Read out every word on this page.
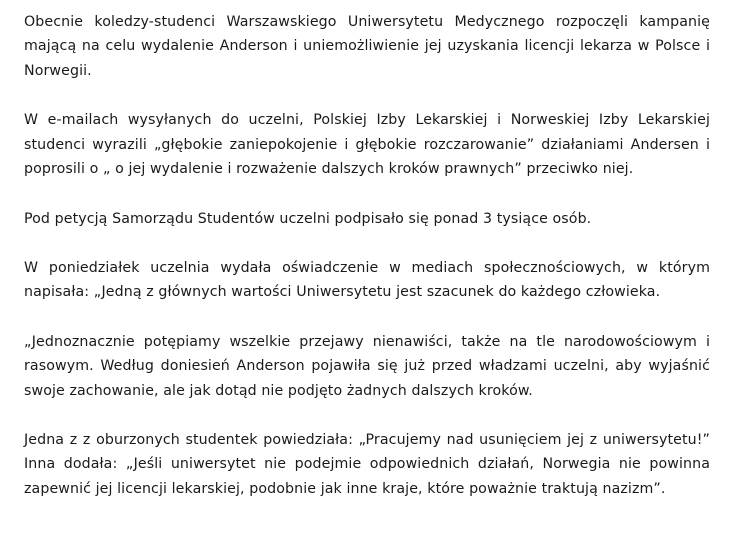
Obecnie koledzy-studenci Warszawskiego Uniwersytetu Medycznego rozpoczęli kampanię mającą na celu wydalenie Anderson i uniemożliwienie jej uzyskania licencji lekarza w Polsce i Norwegii.

W e-mailach wysyłanych do uczelni, Polskiej Izby Lekarskiej i Norweskiej Izby Lekarskiej studenci wyrazili „głębokie zaniepokojenie i głębokie rozczarowanie” działaniami Andersen i poprosili o „ o jej wydalenie i rozważenie dalszych kroków prawnych” przeciwko niej.

Pod petycją Samorządu Studentów uczelni podpisało się ponad 3 tysiące osób.

W poniedziałek uczelnia wydała oświadczenie w mediach społecznościowych, w którym napisała: „Jedną z głównych wartości Uniwersytetu jest szacunek do każdego człowieka.

„Jednoznacznie potępiamy wszelkie przejawy nienawiści, także na tle narodowościowym i rasowym. Według doniesień Anderson pojawiła się już przed władzami uczelni, aby wyjaśnić swoje zachowanie, ale jak dotąd nie podjęto żadnych dalszych kroków.

Jedna z z oburzonych studentek powiedziała: „Pracujemy nad usunięciem jej z uniwersytetu!” Inna dodała: „Jeśli uniwersytet nie podejmie odpowiednich działań, Norwegia nie powinna zapewnić jej licencji lekarskiej, podobnie jak inne kraje, które poważnie traktują nazizm”.
